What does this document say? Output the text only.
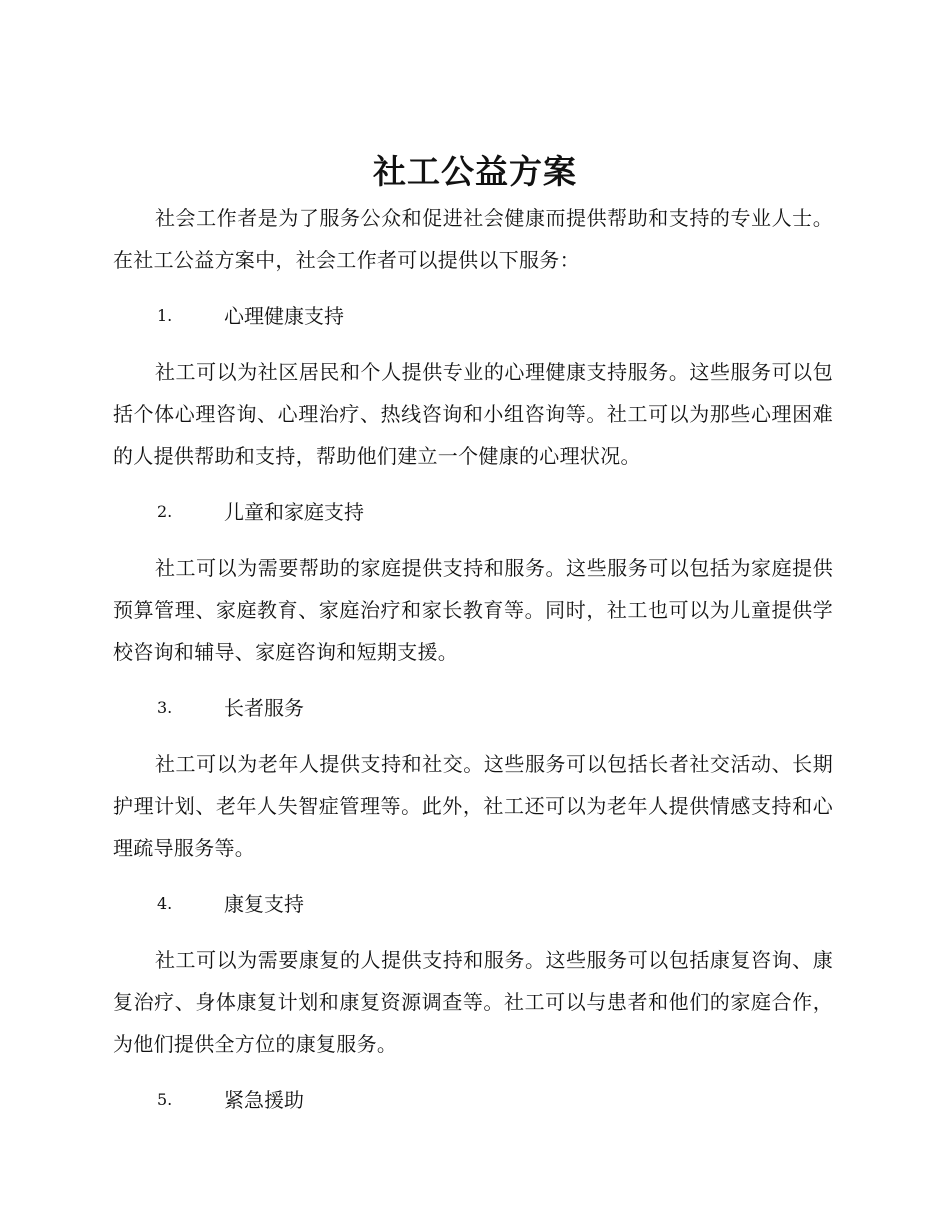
社工公益方案

社会工作者是为了服务公众和促进社会健康而提供帮助和支持的专业人士。在社工公益方案中，社会工作者可以提供以下服务：

1.	心理健康支持

社工可以为社区居民和个人提供专业的心理健康支持服务。这些服务可以包括个体心理咨询、心理治疗、热线咨询和小组咨询等。社工可以为那些心理困难的人提供帮助和支持，帮助他们建立一个健康的心理状况。

2.	儿童和家庭支持

社工可以为需要帮助的家庭提供支持和服务。这些服务可以包括为家庭提供预算管理、家庭教育、家庭治疗和家长教育等。同时，社工也可以为儿童提供学校咨询和辅导、家庭咨询和短期支援。

3.	长者服务

社工可以为老年人提供支持和社交。这些服务可以包括长者社交活动、长期护理计划、老年人失智症管理等。此外，社工还可以为老年人提供情感支持和心理疏导服务等。

4.	康复支持

社工可以为需要康复的人提供支持和服务。这些服务可以包括康复咨询、康复治疗、身体康复计划和康复资源调查等。社工可以与患者和他们的家庭合作，为他们提供全方位的康复服务。

5.	紧急援助
